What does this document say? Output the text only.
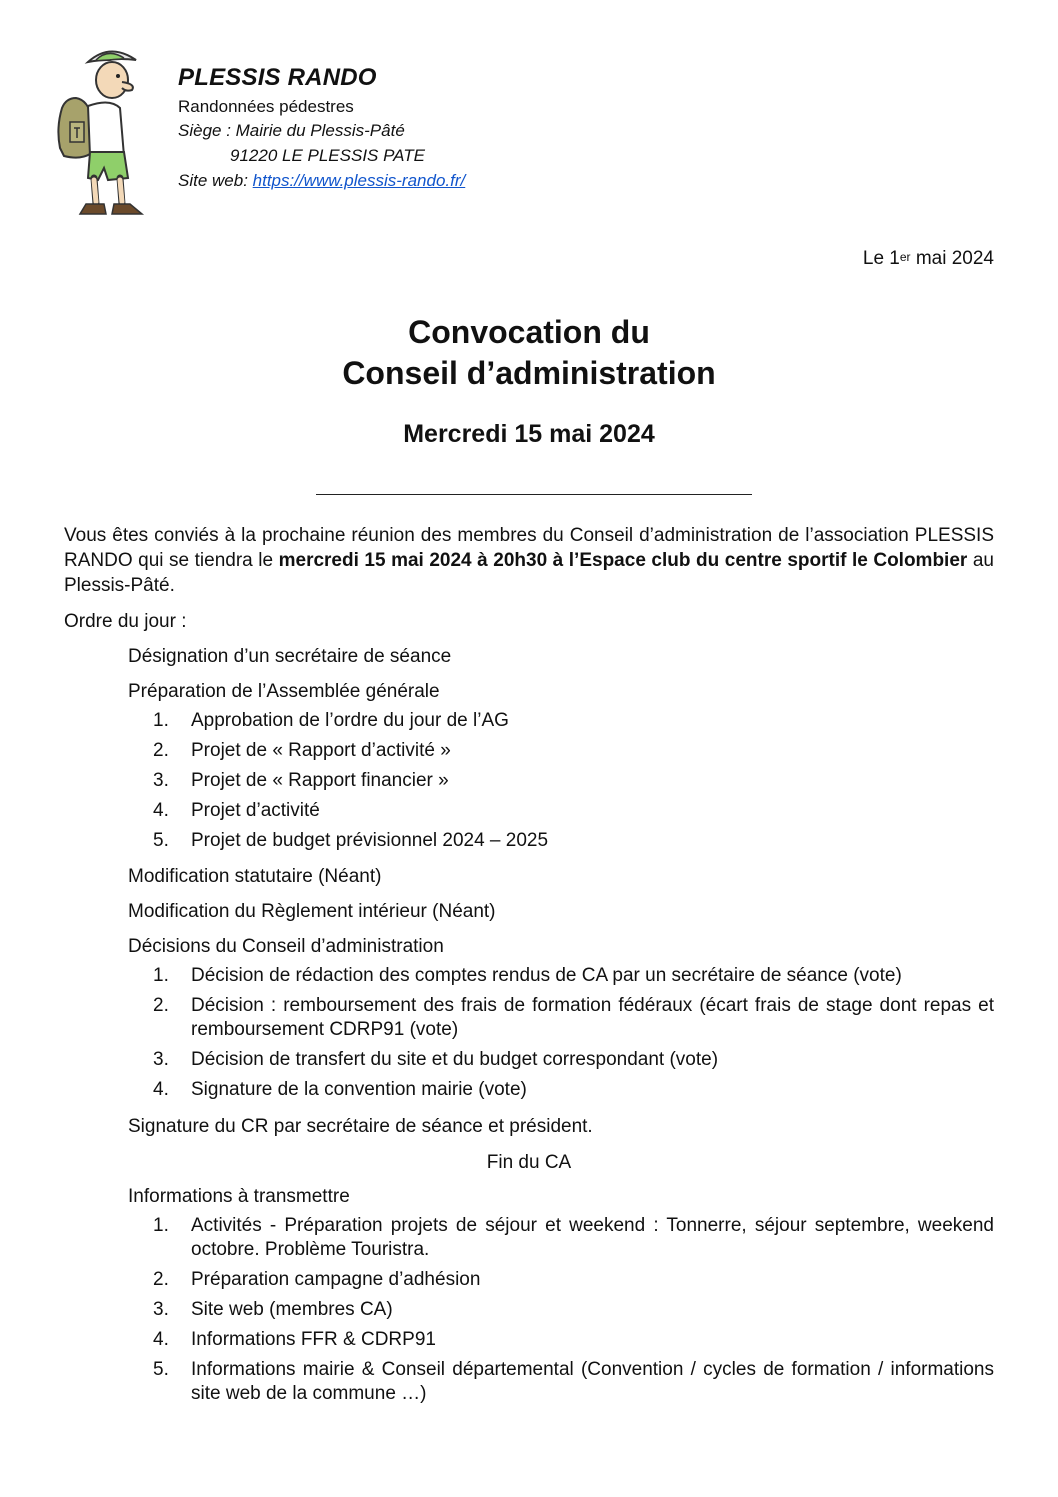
PLESSIS RANDO
Randonnées pédestres
Siège : Mairie du Plessis-Pâté
91220 LE PLESSIS PATE
Site web: https://www.plessis-rando.fr/
Le 1er mai 2024
Convocation du
Conseil d’administration
Mercredi 15 mai 2024
Vous êtes conviés à la prochaine réunion des membres du Conseil d’administration de l’association PLESSIS RANDO qui se tiendra le mercredi 15 mai 2024 à 20h30 à l’Espace club du centre sportif le Colombier au Plessis-Pâté.
Ordre du jour :
Désignation d’un secrétaire de séance
Préparation de l’Assemblée générale
1.	Approbation de l’ordre du jour de l’AG
2.	Projet de « Rapport d’activité »
3.	Projet de « Rapport financier »
4.	Projet d’activité
5.	Projet de budget prévisionnel 2024 – 2025
Modification statutaire (Néant)
Modification du Règlement intérieur (Néant)
Décisions du Conseil d’administration
1.	Décision de rédaction des comptes rendus de CA par un secrétaire de séance (vote)
2.	Décision : remboursement des frais de formation fédéraux (écart frais de stage dont repas et remboursement CDRP91 (vote)
3.	Décision de transfert du site et du budget correspondant (vote)
4.	Signature de la convention mairie (vote)
Signature du CR par secrétaire de séance et président.
Fin du CA
Informations à transmettre
1.	Activités - Préparation projets de séjour et weekend : Tonnerre, séjour septembre, weekend octobre. Problème Touristra.
2.	Préparation campagne d’adhésion
3.	Site web (membres CA)
4.	Informations FFR & CDRP91
5.	Informations mairie & Conseil départemental (Convention / cycles de formation / informations site web de la commune …)
